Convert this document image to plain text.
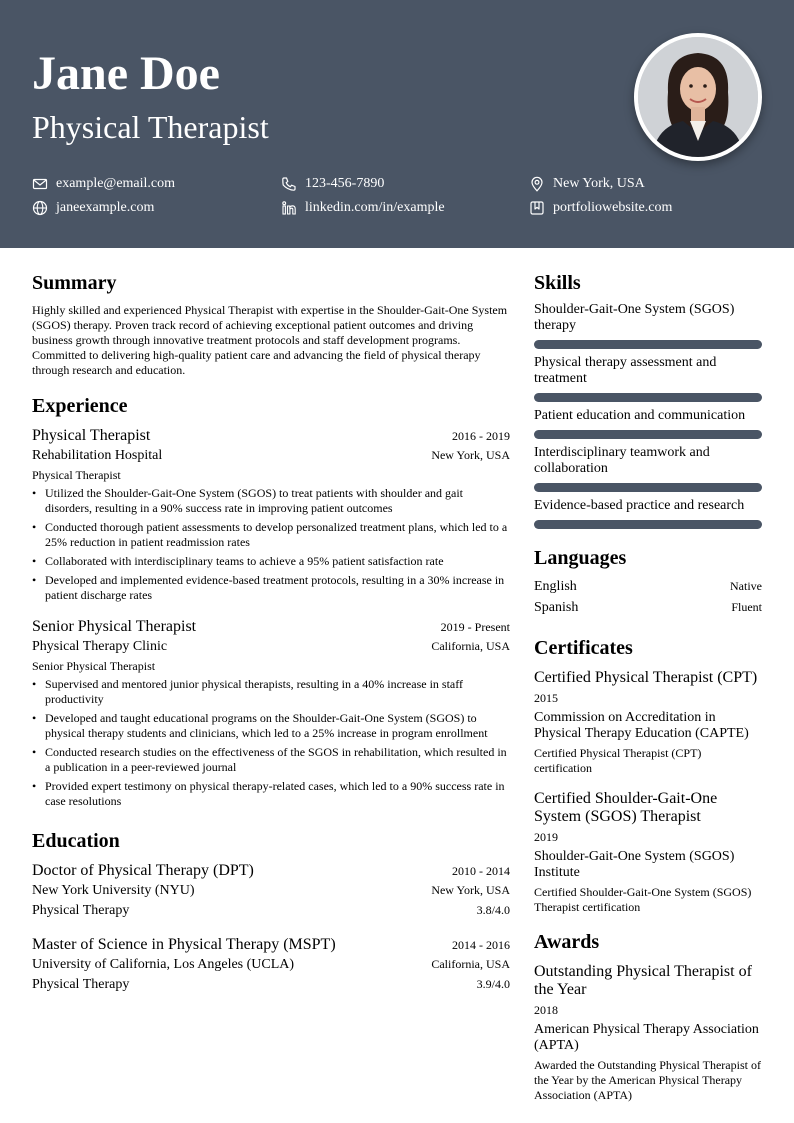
Jane Doe
Physical Therapist
example@email.com	123-456-7890	New York, USA
janeexample.com	linkedin.com/in/example	portfoliowebsite.com
Summary

Highly skilled and experienced Physical Therapist with expertise in the Shoulder-Gait-One System (SGOS) therapy. Proven track record of achieving exceptional patient outcomes and driving business growth through innovative treatment protocols and staff development programs. Committed to delivering high-quality patient care and advancing the field of physical therapy through research and education.

Experience
Physical Therapist	2016 - 2019
Rehabilitation Hospital	New York, USA
Physical Therapist
• Utilized the Shoulder-Gait-One System (SGOS) to treat patients with shoulder and gait disorders, resulting in a 90% success rate in improving patient outcomes
• Conducted thorough patient assessments to develop personalized treatment plans, which led to a 25% reduction in patient readmission rates
• Collaborated with interdisciplinary teams to achieve a 95% patient satisfaction rate
• Developed and implemented evidence-based treatment protocols, resulting in a 30% increase in patient discharge rates
Senior Physical Therapist	2019 - Present
Physical Therapy Clinic	California, USA
Senior Physical Therapist
• Supervised and mentored junior physical therapists, resulting in a 40% increase in staff productivity
• Developed and taught educational programs on the Shoulder-Gait-One System (SGOS) to physical therapy students and clinicians, which led to a 25% increase in program enrollment
• Conducted research studies on the effectiveness of the SGOS in rehabilitation, which resulted in a publication in a peer-reviewed journal
• Provided expert testimony on physical therapy-related cases, which led to a 90% success rate in case resolutions
Education
Doctor of Physical Therapy (DPT)	2010 - 2014
New York University (NYU)	New York, USA
Physical Therapy	3.8/4.0
Master of Science in Physical Therapy (MSPT)	2014 - 2016
University of California, Los Angeles (UCLA)	California, USA
Physical Therapy	3.9/4.0
Skills
Shoulder-Gait-One System (SGOS) therapy
Physical therapy assessment and treatment
Patient education and communication
Interdisciplinary teamwork and collaboration
Evidence-based practice and research
Languages
English	Native
Spanish	Fluent
Certificates
Certified Physical Therapist (CPT)
2015
Commission on Accreditation in Physical Therapy Education (CAPTE)
Certified Physical Therapist (CPT) certification
Certified Shoulder-Gait-One System (SGOS) Therapist
2019
Shoulder-Gait-One System (SGOS) Institute
Certified Shoulder-Gait-One System (SGOS) Therapist certification
Awards
Outstanding Physical Therapist of the Year
2018
American Physical Therapy Association (APTA)
Awarded the Outstanding Physical Therapist of the Year by the American Physical Therapy Association (APTA)
